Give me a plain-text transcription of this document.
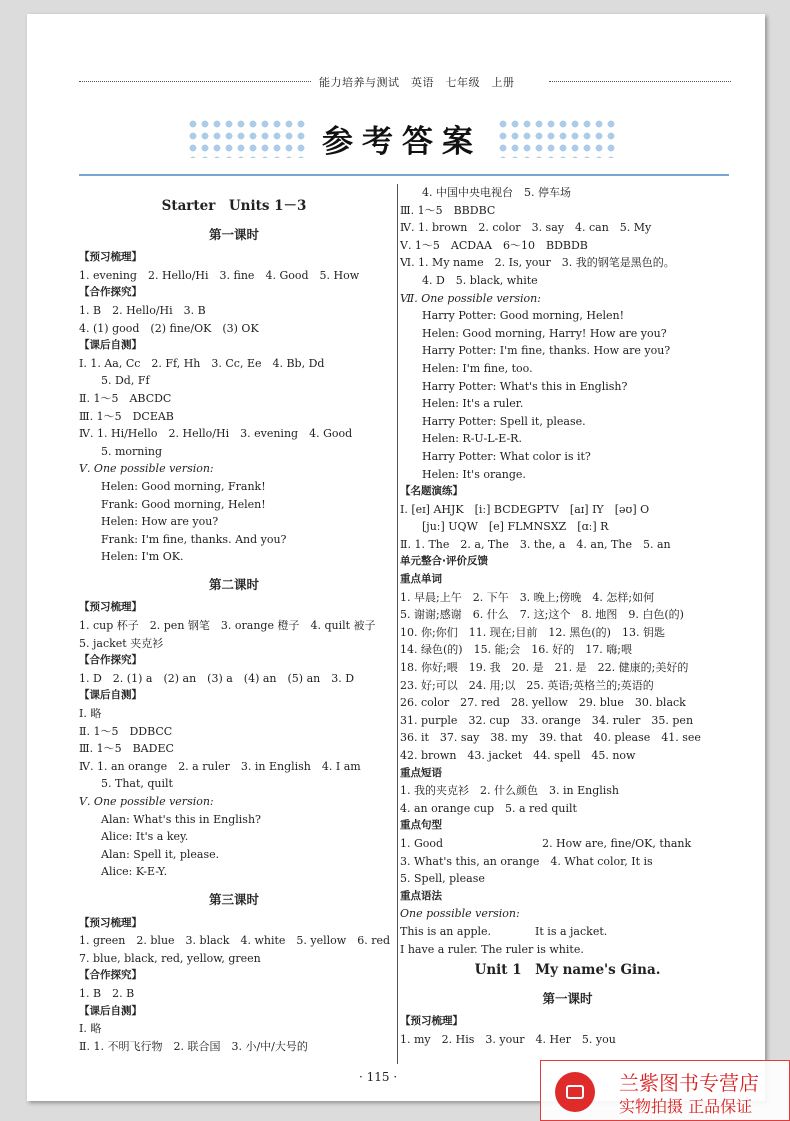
能力培养与测试　英语　七年级　上册
参考答案
Starter　Units 1－3
第一课时
【预习梳理】
1. evening　2. Hello/Hi　3. fine　4. Good　5. How
【合作探究】
1. B　2. Hello/Hi　3. B
4. (1) good　(2) fine/OK　(3) OK
【课后自测】
Ⅰ. 1. Aa, Cc　2. Ff, Hh　3. Cc, Ee　4. Bb, Dd
5. Dd, Ff
Ⅱ. 1～5　ABCDC
Ⅲ. 1～5　DCEAB
Ⅳ. 1. Hi/Hello　2. Hello/Hi　3. evening　4. Good
5. morning
Ⅴ. One possible version:
Helen: Good morning, Frank!
Frank: Good morning, Helen!
Helen: How are you?
Frank: I'm fine, thanks. And you?
Helen: I'm OK.
第二课时
【预习梳理】
1. cup 杯子　2. pen 钢笔　3. orange 橙子　4. quilt 被子
5. jacket 夹克衫
【合作探究】
1. D　2. (1) a　(2) an　(3) a　(4) an　(5) an　3. D
【课后自测】
Ⅰ. 略
Ⅱ. 1～5　DDBCC
Ⅲ. 1～5　BADEC
Ⅳ. 1. an orange　2. a ruler　3. in English　4. I am
5. That, quilt
Ⅴ. One possible version:
Alan: What's this in English?
Alice: It's a key.
Alan: Spell it, please.
Alice: K-E-Y.
第三课时
【预习梳理】
1. green　2. blue　3. black　4. white　5. yellow　6. red
7. blue, black, red, yellow, green
【合作探究】
1. B　2. B
【课后自测】
Ⅰ. 略
Ⅱ. 1. 不明飞行物　2. 联合国　3. 小/中/大号的
4. 中国中央电视台　5. 停车场
Ⅲ. 1～5　BBDBC
Ⅳ. 1. brown　2. color　3. say　4. can　5. My
Ⅴ. 1～5　ACDAA　6～10　BDBDB
Ⅵ. 1. My name　2. Is, your　3. 我的钢笔是黑色的。
4. D　5. black, white
Ⅶ. One possible version:
Harry Potter: Good morning, Helen!
Helen: Good morning, Harry! How are you?
Harry Potter: I'm fine, thanks. How are you?
Helen: I'm fine, too.
Harry Potter: What's this in English?
Helen: It's a ruler.
Harry Potter: Spell it, please.
Helen: R-U-L-E-R.
Harry Potter: What color is it?
Helen: It's orange.
【名题演练】
Ⅰ. [eɪ] AHJK　[iː] BCDEGPTV　[aɪ] IY　[əʊ] O
[juː] UQW　[e] FLMNSXZ　[ɑː] R
Ⅱ. 1. The　2. a, The　3. the, a　4. an, The　5. an
单元整合·评价反馈
重点单词
1. 早晨;上午　2. 下午　3. 晚上;傍晚　4. 怎样;如何
5. 谢谢;感谢　6. 什么　7. 这;这个　8. 地图　9. 白色(的)
10. 你;你们　11. 现在;目前　12. 黑色(的)　13. 钥匙
14. 绿色(的)　15. 能;会　16. 好的　17. 嗨;喂
18. 你好;喂　19. 我　20. 是　21. 是　22. 健康的;美好的
23. 好;可以　24. 用;以　25. 英语;英格兰的;英语的
26. color　27. red　28. yellow　29. blue　30. black
31. purple　32. cup　33. orange　34. ruler　35. pen
36. it　37. say　38. my　39. that　40. please　41. see
42. brown　43. jacket　44. spell　45. now
重点短语
1. 我的夹克衫　2. 什么颜色　3. in English
4. an orange cup　5. a red quilt
重点句型
1. Good　　　　　　　　　2. How are, fine/OK, thank
3. What's this, an orange　4. What color, It is
5. Spell, please
重点语法
One possible version:
This is an apple.　　　　It is a jacket.
I have a ruler. The ruler is white.
Unit 1　My name's Gina.
第一课时
【预习梳理】
1. my　2. His　3. your　4. Her　5. you
· 115 ·	兰紫图书专营店
实物拍摄 正品保证
